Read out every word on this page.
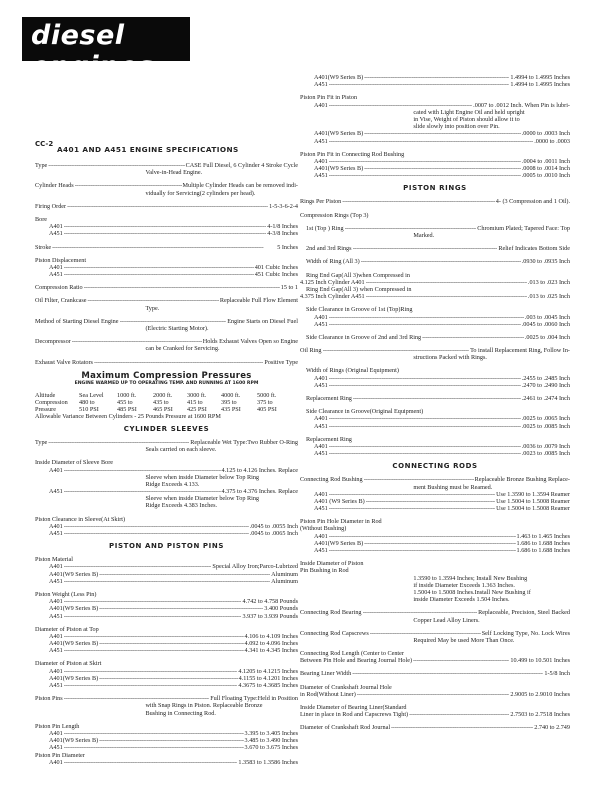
diesel engines
CC-2
A401 AND A451 ENGINE SPECIFICATIONS
Type -----	CASE Full Diesel, 6 Cylinder 4 Stroke Cycle
Valve-in-Head Engine.
Cylinder Heads -----	Multiple Cylinder Heads can be removed indi-
vidually for Servicing(2 cylinders per head).
Firing Order -----	1-5-3-6-2-4
Bore
A401 -----	4-1/8 Inches
A451 -----	4-3/8 Inches
Stroke -----	5 Inches
Piston Displacement
A401 -----	401 Cubic Inches
A451 -----	451 Cubic Inches
Compression Ratio -----	15 to 1
Oil Filter, Crankcase -----	Replaceable Full Flow Element
Type.
Method of Starting Diesel Engine -----	Engine Starts on Diesel Fuel
(Electric Starting Motor).
Decompressor -----	Holds Exhaust Valves Open so Engine
can be Cranked for Servicing.
Exhaust Valve Rotators -----	Positive Type
Maximum Compression Pressures
ENGINE WARMED UP TO OPERATING TEMP. AND RUNNING AT 1600 RPM
Altitude	Sea Level	1000 ft.	2000 ft.	3000 ft.	4000 ft.	5000 ft.
Compression	480 to	455 to	435 to	415 to	395 to	375 to
Pressure	510 PSI	485 PSI	465 PSI	425 PSI	435 PSI	405 PSI
Allowable Variance Between Cylinders - 25 Pounds Pressure at 1600 RPM
CYLINDER SLEEVES
Type -----	Replaceable Wet Type:Two Rubber O-Ring
Seals carried on each sleeve.
Inside Diameter of Sleeve Bore
A401 -----	4.125 to 4.126 Inches. Replace
Sleeve when inside Diameter below Top Ring
Ridge Exceeds 4.133.
A451 -----	4.375 to 4.376 Inches. Replace
Sleeve when inside Diameter below Top Ring
Ridge Exceeds 4.383 Inches.
Piston Clearance in Sleeve(At Skirt)
A401 -----	.0045 to .0055 Inch
A451 -----	.0045 to .0065 Inch
PISTON AND PISTON PINS
Piston Material
A401 -----	Special Alloy Iron;Parco-Lubrized
A401(W9 Series B) -----	Aluminum
A451 -----	Aluminum
Piston Weight (Less Pin)
A401 -----	4.742 to 4.758 Pounds
A401(W9 Series B) -----	3.400 Pounds
A451 -----	3.937 to 3.939 Pounds
Diameter of Piston at Top
A401 -----	4.106 to 4.109 Inches
A401(W9 Series B) -----	4.092 to 4.096 Inches
A451 -----	4.341 to 4.345 Inches
Diameter of Piston at Skirt
A401 -----	4.1205 to 4.1215 Inches
A401(W9 Series B) -----	4.1155 to 4.1201 Inches
A451 -----	4.3675 to 4.3685 Inches
Piston Pins -----	Full Floating Type:Held in Position
with Snap Rings in Piston. Replaceable Bronze
Bushing in Connecting Rod.
Piston Pin Length
A401 -----	3.395 to 3.405 Inches
A401(W9 Series B) -----	3.485 to 3.490 Inches
A451 -----	3.670 to 3.675 Inches
Piston Pin Diameter
A401 -----	1.3583 to 1.3586 Inches
A401(W9 Series B) -----	1.4994 to 1.4995 Inches
A451 -----	1.4994 to 1.4995 Inches
Piston Pin Fit in Piston
A401 -----	.0007 to .0012 Inch. When Pin is lubri-
cated with Light Engine Oil and held upright
in Vise, Weight of Piston should allow it to
slide slowly into position over Pin.
A401(W9 Series B) -----	.0000 to .0003 Inch
A451 -----	.0000 to .0003
Piston Pin Fit in Connecting Rod Bushing
A401 -----	.0004 to .0011 Inch
A401(W9 Series B) -----	.0008 to .0014 Inch
A451 -----	.0005 to .0010 Inch
PISTON RINGS
Rings Per Piston -----	4- (3 Compression and 1 Oil).
Compression Rings (Top 3)
1st (Top ) Ring -----	Chromium Plated; Tapered Face: Top
Marked.
2nd and 3rd Rings -----	Relief Indicates Bottom Side
Width of Ring (All 3) -----	.0930 to .0935 Inch
Ring End Gap(All 3)when Compressed in
4.125 Inch Cylinder A401 -----	.013 to .023 Inch
Ring End Gap(All 3) when Compressed in
4.375 Inch Cylinder A451 -----	.013 to .025 Inch
Side Clearance in Groove of 1st (Top)Ring
A401 -----	.003 to .0045 Inch
A451 -----	.0045 to .0060 Inch
Side Clearance in Groove of 2nd and 3rd Ring -----	.0025 to .004 Inch
Oil Ring -----	To install Replacement Ring, Follow In-
structions Packed with Rings.
Width of Rings (Original Equipment)
A401 -----	.2455 to .2485 Inch
A451 -----	.2470 to .2490 Inch
Replacement Ring -----	.2461 to .2474 Inch
Side Clearance in Groove(Original Equipment)
A401 -----	.0025 to .0065 Inch
A451 -----	.0025 to .0085 Inch
Replacement Ring
A401 -----	.0036 to .0079 Inch
A451 -----	.0023 to .0085 Inch
CONNECTING RODS
Connecting Rod Bushing -----	Replaceable Bronze Bushing Replace-
ment Bushing must be Reamed.
A401 -----	Use 1.3590 to 1.3594 Reamer
A401 (W9 Series B) -----	Use 1.5004 to 1.5008 Reamer
A451 -----	Use 1.5004 to 1.5008 Reamer
Piston Pin Hole Diameter in Rod
(Without Bushing)
A401 -----	1.463 to 1.465 Inches
A401(W9 Series B) -----	1.686 to 1.688 Inches
A451 -----	1.686 to 1.688 Inches
Inside Diameter of Piston
Pin Bushing in Rod
1.3590 to 1.3594 Inches; Install New Bushing
if inside Diameter Exceeds 1.363 Inches.
1.5004 to 1.5008 Inches.Install New Bushing if
inside Diameter Exceeds 1.504 Inches.
Connecting Rod Bearing -----	Replaceable, Precision, Steel Backed
Copper Lead Alloy Liners.
Connecting Rod Capscrews -----	Self Locking Type, No. Lock Wires
Required May be used More Than Once.
Connecting Rod Length (Center to Center
Between Pin Hole and Bearing Journal Hole) -----	10.499 to 10.501 Inches
Bearing Liner Width -----	1-5/8 Inch
Diameter of Crankshaft Journal Hole
in Rod(Without Liner) -----	2.9005 to 2.9010 Inches
Inside Diameter of Bearing Liner(Standard
Liner in place in Rod and Capscrews Tight) -----	2.7503 to 2.7518 Inches
Diameter of Crankshaft Rod Journal -----	2.740 to 2.749
